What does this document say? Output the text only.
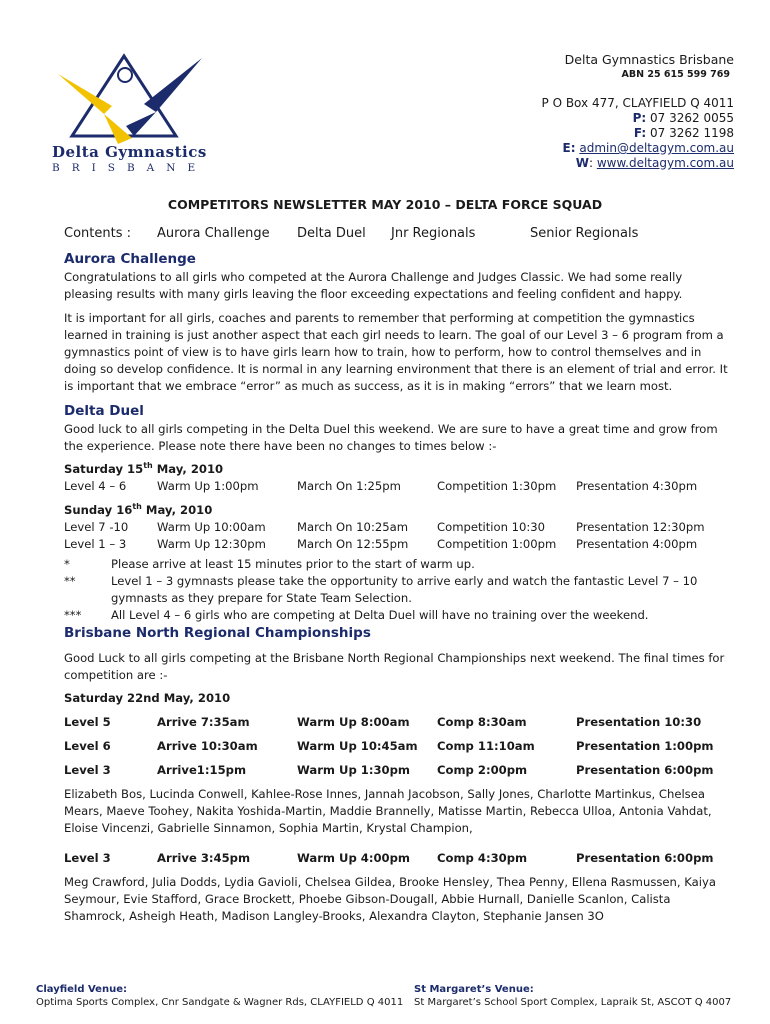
Delta Gymnastics
BRISBANE
Delta Gymnastics Brisbane
ABN 25 615 599 769
P O Box 477, CLAYFIELD Q 4011
P: 07 3262 0055
F: 07 3262 1198
E: admin@deltagym.com.au
W: www.deltagym.com.au
COMPETITORS NEWSLETTER MAY 2010 – DELTA FORCE SQUAD
Contents : Aurora Challenge Delta Duel Jnr Regionals	Senior Regionals
Aurora Challenge

Congratulations to all girls who competed at the Aurora Challenge and Judges Classic. We had some really pleasing results with many girls leaving the floor exceeding expectations and feeling confident and happy.

It is important for all girls, coaches and parents to remember that performing at competition the gymnastics learned in training is just another aspect that each girl needs to learn. The goal of our Level 3 – 6 program from a gymnastics point of view is to have girls learn how to train, how to perform, how to control themselves and in doing so develop confidence. It is normal in any learning environment that there is an element of trial and error. It is important that we embrace “error” as much as success, as it is in making “errors” that we learn most.

Delta Duel

Good luck to all girls competing in the Delta Duel this weekend. We are sure to have a great time and grow from the experience. Please note there have been no changes to times below :-

Saturday 15th May, 2010
Level 4 – 6	Warm Up 1:00pm	March On 1:25pm	Competition 1:30pm Presentation 4:30pm
Sunday 16th May, 2010
Level 7 -10 Warm Up 10:00am	March On 10:25am	Competition 10:30	Presentation 12:30pm
Level 1 – 3	Warm Up 12:30pm	March On 12:55pm Competition 1:00pm Presentation 4:00pm
*	Please arrive at least 15 minutes prior to the start of warm up.
**	Level 1 – 3 gymnasts please take the opportunity to arrive early and watch the fantastic Level 7 – 10 gymnasts as they prepare for State Team Selection.
***	All Level 4 – 6 girls who are competing at Delta Duel will have no training over the weekend.
Brisbane North Regional Championships

Good Luck to all girls competing at the Brisbane North Regional Championships next weekend. The final times for competition are :-

Saturday 22nd May, 2010
Level 5	Arrive 7:35am	Warm Up 8:00am Comp 8:30am	Presentation 10:30
Level 6	Arrive 10:30am	Warm Up 10:45am Comp 11:10am	Presentation 1:00pm
Level 3	Arrive1:15pm	Warm Up 1:30pm Comp 2:00pm	Presentation 6:00pm

Elizabeth Bos, Lucinda Conwell, Kahlee-Rose Innes, Jannah Jacobson, Sally Jones, Charlotte Martinkus, Chelsea Mears, Maeve Toohey, Nakita Yoshida-Martin, Maddie Brannelly, Matisse Martin, Rebecca Ulloa, Antonia Vahdat, Eloise Vincenzi, Gabrielle Sinnamon, Sophia Martin, Krystal Champion,

Level 3	Arrive 3:45pm	Warm Up 4:00pm Comp 4:30pm	Presentation 6:00pm

Meg Crawford, Julia Dodds, Lydia Gavioli, Chelsea Gildea, Brooke Hensley, Thea Penny, Ellena Rasmussen, Kaiya Seymour, Evie Stafford, Grace Brockett, Phoebe Gibson-Dougall, Abbie Hurnall, Danielle Scanlon, Calista Shamrock, Asheigh Heath, Madison Langley-Brooks, Alexandra Clayton, Stephanie Jansen 3O

Clayfield Venue:
Optima Sports Complex, Cnr Sandgate & Wagner Rds, CLAYFIELD Q 4011
St Margaret’s Venue:
St Margaret’s School Sport Complex, Lapraik St, ASCOT Q 4007
